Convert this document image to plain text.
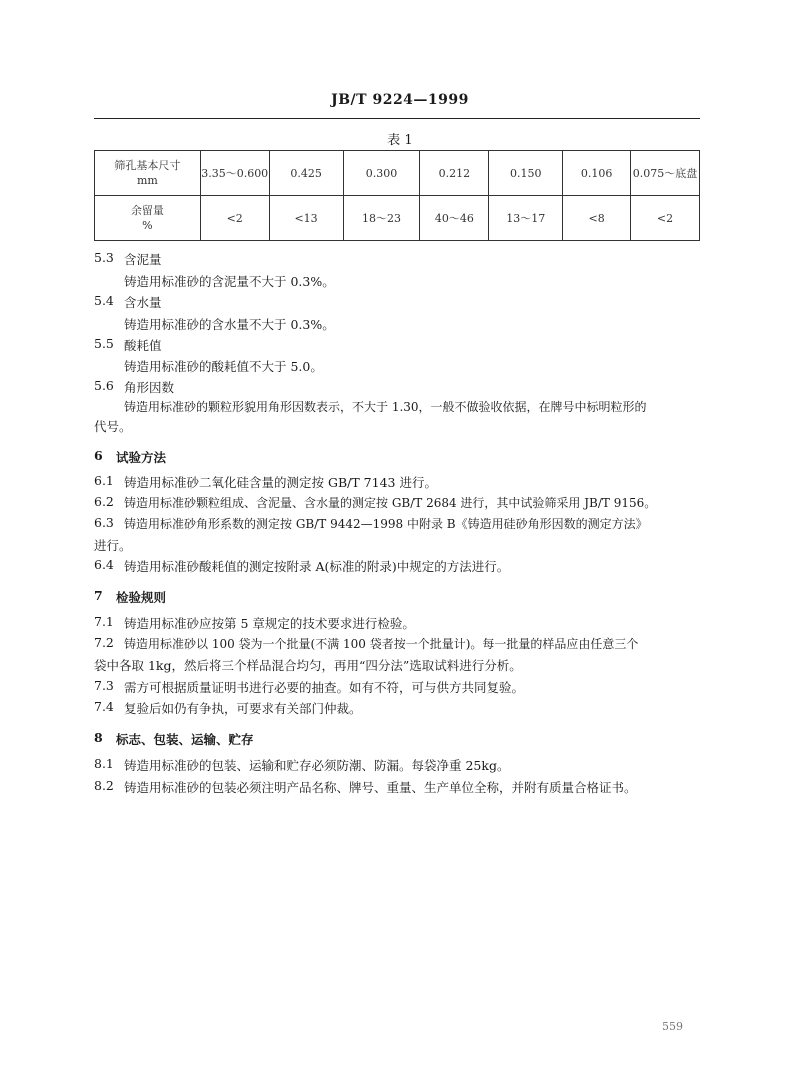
JB/T 9224—1999
表 1
筛孔基本尺寸
mm	3.35～0.600	0.425	0.300	0.212	0.150	0.106	0.075～底盘

余留量
%	<2	<13	18～23	40～46	13～17	<8	<2
5.3 含泥量
铸造用标准砂的含泥量不大于 0.3%。
5.4 含水量
铸造用标准砂的含水量不大于 0.3%。
5.5 酸耗值
铸造用标准砂的酸耗值不大于 5.0。
5.6 角形因数
铸造用标准砂的颗粒形貌用角形因数表示，不大于 1.30，一般不做验收依据，在牌号中标明粒形的
代号。
6 试验方法
6.1 铸造用标准砂二氧化硅含量的测定按 GB/T 7143 进行。
6.2 铸造用标准砂颗粒组成、含泥量、含水量的测定按 GB/T 2684 进行，其中试验筛采用 JB/T 9156。
6.3 铸造用标准砂角形系数的测定按 GB/T 9442—1998 中附录 B《铸造用硅砂角形因数的测定方法》
进行。
6.4 铸造用标准砂酸耗值的测定按附录 A(标准的附录)中规定的方法进行。
7 检验规则
7.1 铸造用标准砂应按第 5 章规定的技术要求进行检验。
7.2 铸造用标准砂以 100 袋为一个批量(不满 100 袋者按一个批量计)。每一批量的样品应由任意三个
袋中各取 1kg，然后将三个样品混合均匀，再用“四分法”选取试料进行分析。
7.3 需方可根据质量证明书进行必要的抽查。如有不符，可与供方共同复验。
7.4 复验后如仍有争执，可要求有关部门仲裁。
8 标志、包装、运输、贮存
8.1 铸造用标准砂的包装、运输和贮存必须防潮、防漏。每袋净重 25kg。
8.2 铸造用标准砂的包装必须注明产品名称、牌号、重量、生产单位全称，并附有质量合格证书。
559
